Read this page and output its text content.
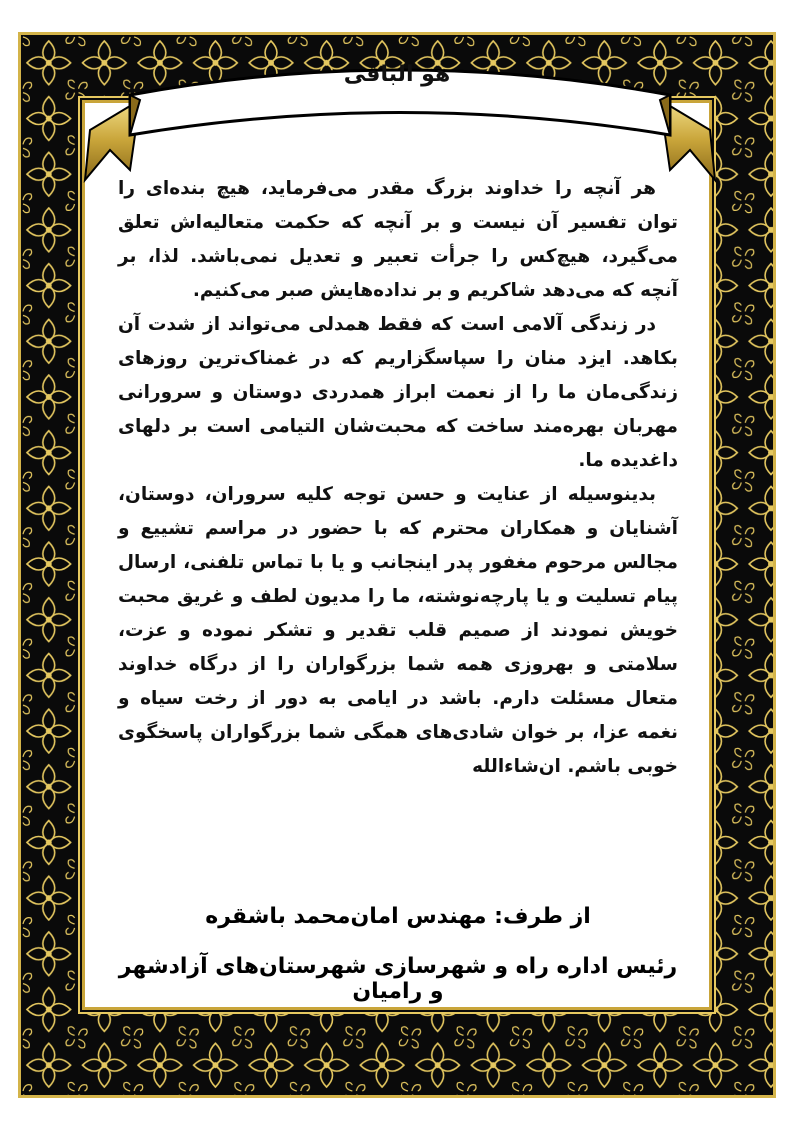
هو الباقی

هر آنچه را خداوند بزرگ مقدر می‌فرماید، هیچ بنده‌ای را توان تفسیر آن نیست و بر آنچه که حکمت متعالیه‌اش تعلق می‌گیرد، هیچ‌کس را جرأت تعبیر و تعدیل نمی‌باشد. لذا، بر آنچه که می‌دهد شاکریم و بر نداده‌هایش صبر می‌کنیم.

در زندگی آلامی است که فقط همدلی می‌تواند از شدت آن بکاهد. ایزد منان را سپاسگزاریم که در غمناک‌ترین روزهای زندگی‌مان ما را از نعمت ابراز همدردی دوستان و سرورانی مهربان بهره‌مند ساخت که محبت‌شان التیامی است بر دلهای داغدیده ما.

بدینوسیله از عنایت و حسن توجه کلیه سروران، دوستان، آشنایان و همکاران محترم که با حضور در مراسم تشییع و مجالس مرحوم مغفور پدر اینجانب و یا با تماس تلفنی، ارسال پیام تسلیت و یا پارچه‌نوشته، ما را مدیون لطف و غریق محبت خویش نمودند از صمیم قلب تقدیر و تشکر نموده و عزت، سلامتی و بهروزی همه شما بزرگواران را از درگاه خداوند متعال مسئلت دارم. باشد در ایامی به دور از رخت سیاه و نغمه عزا، بر خوان شادی‌های همگی شما بزرگواران پاسخگوی خوبی باشم. ان‌شاءالله

از طرف: مهندس امان‌محمد باشقره
رئیس اداره راه و شهرسازی شهرستان‌های آزادشهر و رامیان
